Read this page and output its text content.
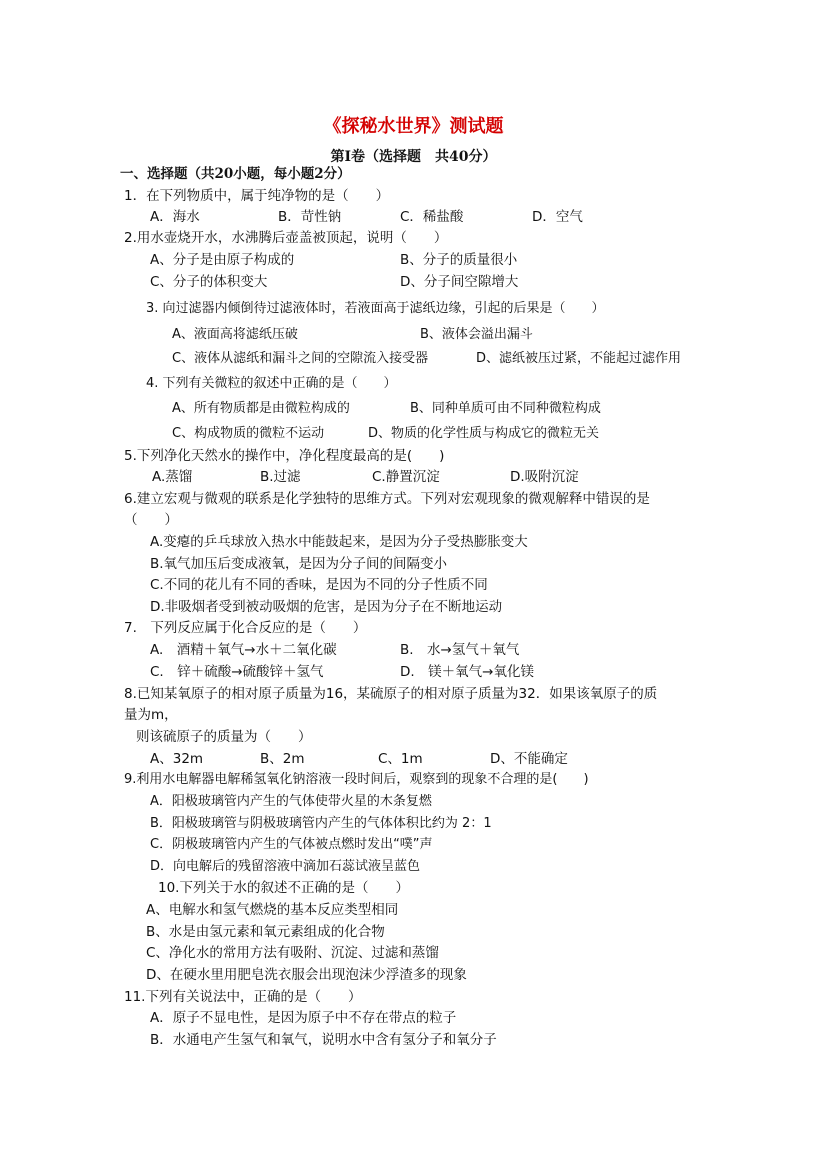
《探秘水世界》测试题
第Ⅰ卷（选择题　共40分）
一、选择题（共20小题，每小题2分）
1．在下列物质中，属于纯净物的是（　　）
A．海水	B．苛性钠	C．稀盐酸	D．空气
2.用水壶烧开水，水沸腾后壶盖被顶起，说明（　　）
A、分子是由原子构成的	B、分子的质量很小
C、分子的体积变大	D、分子间空隙增大
3. 向过滤器内倾倒待过滤液体时，若液面高于滤纸边缘，引起的后果是（　　）
A、液面高将滤纸压破	B、液体会溢出漏斗
C、液体从滤纸和漏斗之间的空隙流入接受器	D、滤纸被压过紧，不能起过滤作用
4. 下列有关微粒的叙述中正确的是（　　）
A、所有物质都是由微粒构成的	B、同种单质可由不同种微粒构成
C、构成物质的微粒不运动	D、物质的化学性质与构成它的微粒无关
5.下列净化天然水的操作中，净化程度最高的是(　　)
A.蒸馏	B.过滤	C.静置沉淀	D.吸附沉淀
6.建立宏观与微观的联系是化学独特的思维方式。下列对宏观现象的微观解释中错误的是
（　　）
A.变瘪的乒乓球放入热水中能鼓起来，是因为分子受热膨胀变大
B.氧气加压后变成液氧，是因为分子间的间隔变小
C.不同的花儿有不同的香味，是因为不同的分子性质不同
D.非吸烟者受到被动吸烟的危害，是因为分子在不断地运动
7.　下列反应属于化合反应的是（　　）
A.　酒精＋氧气→水＋二氧化碳	B.　水→氢气＋氧气
C.　锌＋硫酸→硫酸锌＋氢气	D.　镁＋氧气→氧化镁
8.已知某氧原子的相对原子质量为16，某硫原子的相对原子质量为32．如果该氧原子的质
量为m，
则该硫原子的质量为（　　）
A、32m	B、2m	C、1m	D、不能确定
9.利用水电解器电解稀氢氧化钠溶液一段时间后，观察到的现象不合理的是(　　)
A．阳极玻璃管内产生的气体使带火星的木条复燃
B．阳极玻璃管与阴极玻璃管内产生的气体体积比约为 2：1
C．阴极玻璃管内产生的气体被点燃时发出“噗”声
D．向电解后的残留溶液中滴加石蕊试液呈蓝色
10.下列关于水的叙述不正确的是（　　）
A、电解水和氢气燃烧的基本反应类型相同
B、水是由氢元素和氧元素组成的化合物
C、净化水的常用方法有吸附、沉淀、过滤和蒸馏
D、在硬水里用肥皂洗衣服会出现泡沫少浮渣多的现象
11.下列有关说法中，正确的是（　　）
A．原子不显电性，是因为原子中不存在带点的粒子
B．水通电产生氢气和氧气，说明水中含有氢分子和氧分子
